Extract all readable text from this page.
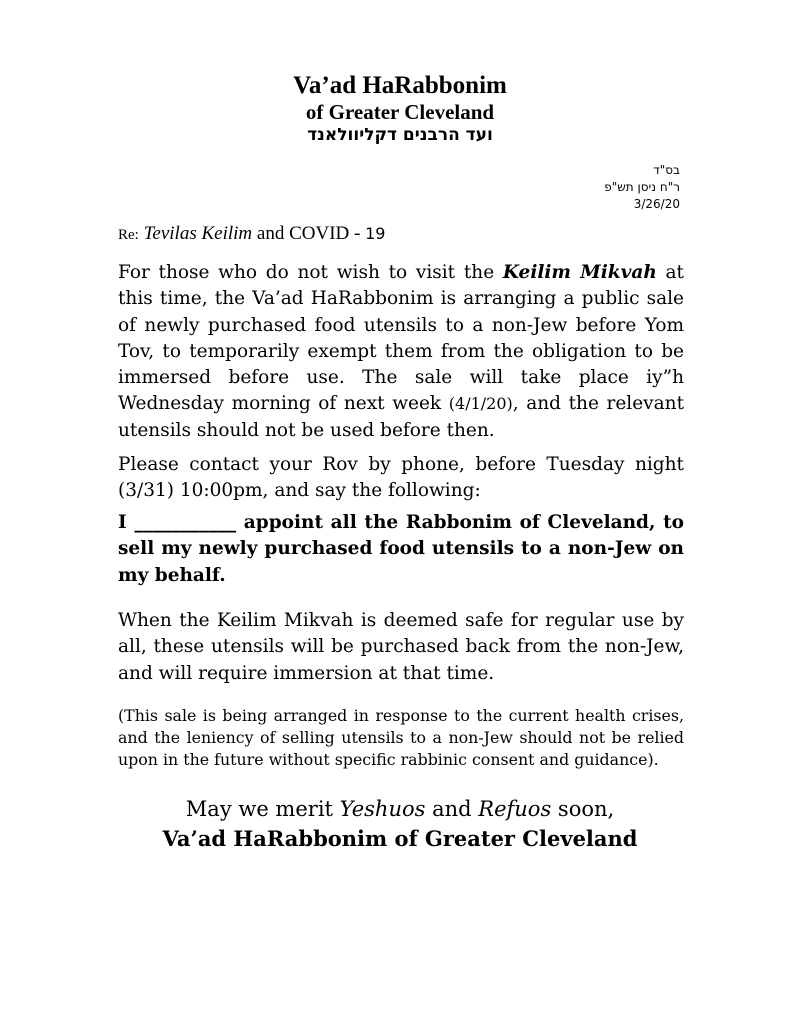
Va’ad HaRabbonim
of Greater Cleveland
ועד הרבנים דקליוולאנד
בס"ד
ר"ח ניסן תש"פ
3/26/20
Re: Tevilas Keilim and COVID - 19
For those who do not wish to visit the Keilim Mikvah at this time, the Va’ad HaRabbonim is arranging a public sale of newly purchased food utensils to a non-Jew before Yom Tov, to temporarily exempt them from the obligation to be immersed before use. The sale will take place iy”h Wednesday morning of next week (4/1/20), and the relevant utensils should not be used before then.
Please contact your Rov by phone, before Tuesday night (3/31) 10:00pm, and say the following:
I ___________ appoint all the Rabbonim of Cleveland, to sell my newly purchased food utensils to a non-Jew on my behalf.
When the Keilim Mikvah is deemed safe for regular use by all, these utensils will be purchased back from the non-Jew, and will require immersion at that time.
(This sale is being arranged in response to the current health crises, and the leniency of selling utensils to a non-Jew should not be relied upon in the future without specific rabbinic consent and guidance).
May we merit Yeshuos and Refuos soon,
Va’ad HaRabbonim of Greater Cleveland
